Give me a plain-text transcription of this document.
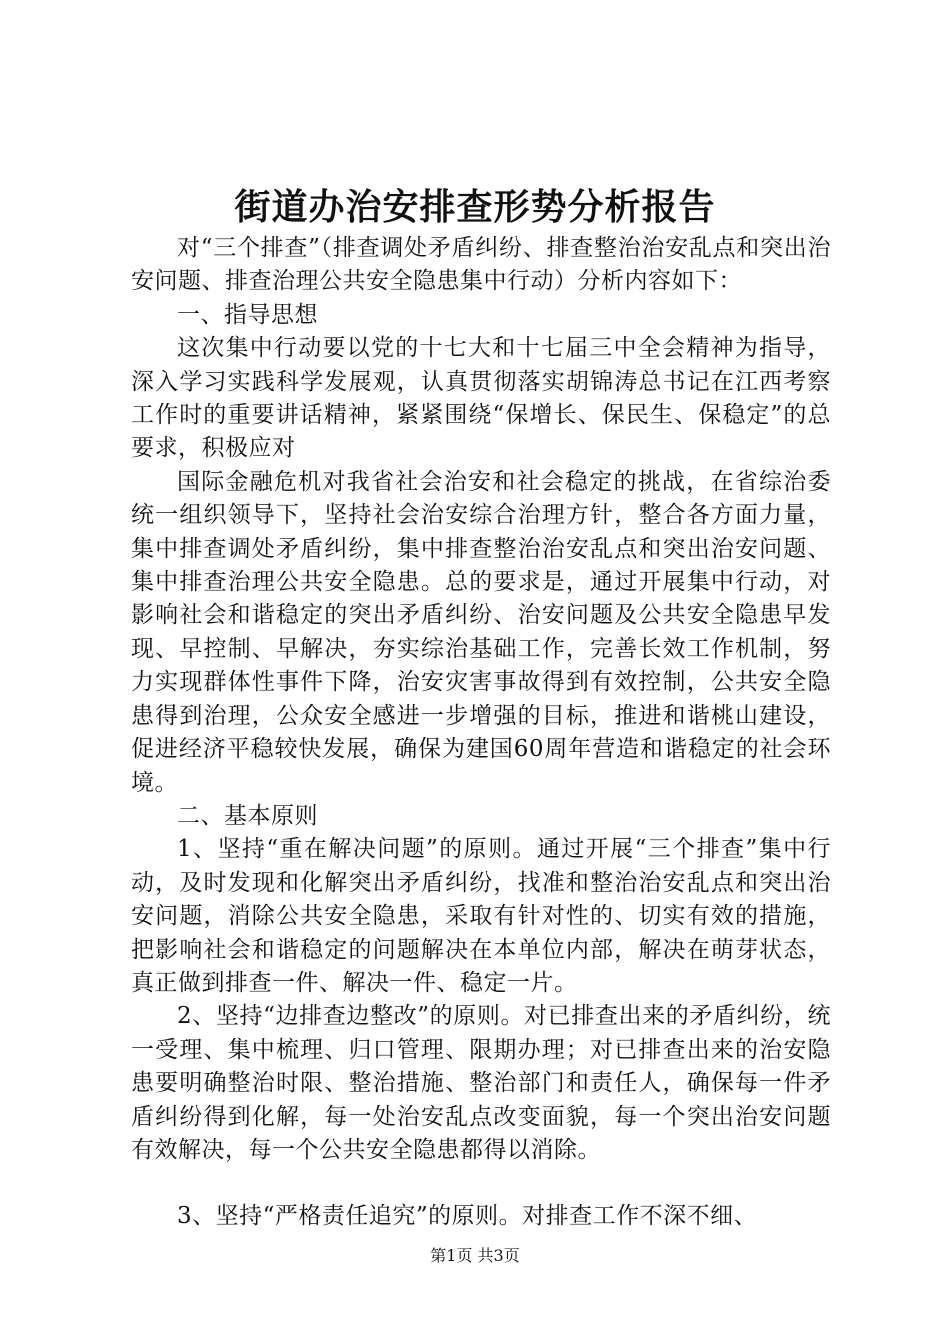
街道办治安排查形势分析报告

对“三个排查”（排查调处矛盾纠纷、排查整治治安乱点和突出治安问题、排查治理公共安全隐患集中行动）分析内容如下：

一、指导思想

这次集中行动要以党的十七大和十七届三中全会精神为指导，深入学习实践科学发展观，认真贯彻落实胡锦涛总书记在江西考察工作时的重要讲话精神，紧紧围绕“保增长、保民生、保稳定”的总要求，积极应对

国际金融危机对我省社会治安和社会稳定的挑战，在省综治委统一组织领导下，坚持社会治安综合治理方针，整合各方面力量，集中排查调处矛盾纠纷，集中排查整治治安乱点和突出治安问题、集中排查治理公共安全隐患。总的要求是，通过开展集中行动，对影响社会和谐稳定的突出矛盾纠纷、治安问题及公共安全隐患早发现、早控制、早解决，夯实综治基础工作，完善长效工作机制，努力实现群体性事件下降，治安灾害事故得到有效控制，公共安全隐患得到治理，公众安全感进一步增强的目标，推进和谐桃山建设，促进经济平稳较快发展，确保为建国60周年营造和谐稳定的社会环境。

二、基本原则

1、坚持“重在解决问题”的原则。通过开展“三个排查”集中行动，及时发现和化解突出矛盾纠纷，找准和整治治安乱点和突出治安问题，消除公共安全隐患，采取有针对性的、切实有效的措施，把影响社会和谐稳定的问题解决在本单位内部，解决在萌芽状态，真正做到排查一件、解决一件、稳定一片。

2、坚持“边排查边整改”的原则。对已排查出来的矛盾纠纷，统一受理、集中梳理、归口管理、限期办理；对已排查出来的治安隐患要明确整治时限、整治措施、整治部门和责任人，确保每一件矛盾纠纷得到化解，每一处治安乱点改变面貌，每一个突出治安问题有效解决，每一个公共安全隐患都得以消除。

3、坚持“严格责任追究”的原则。对排查工作不深不细、

第1页 共3页
